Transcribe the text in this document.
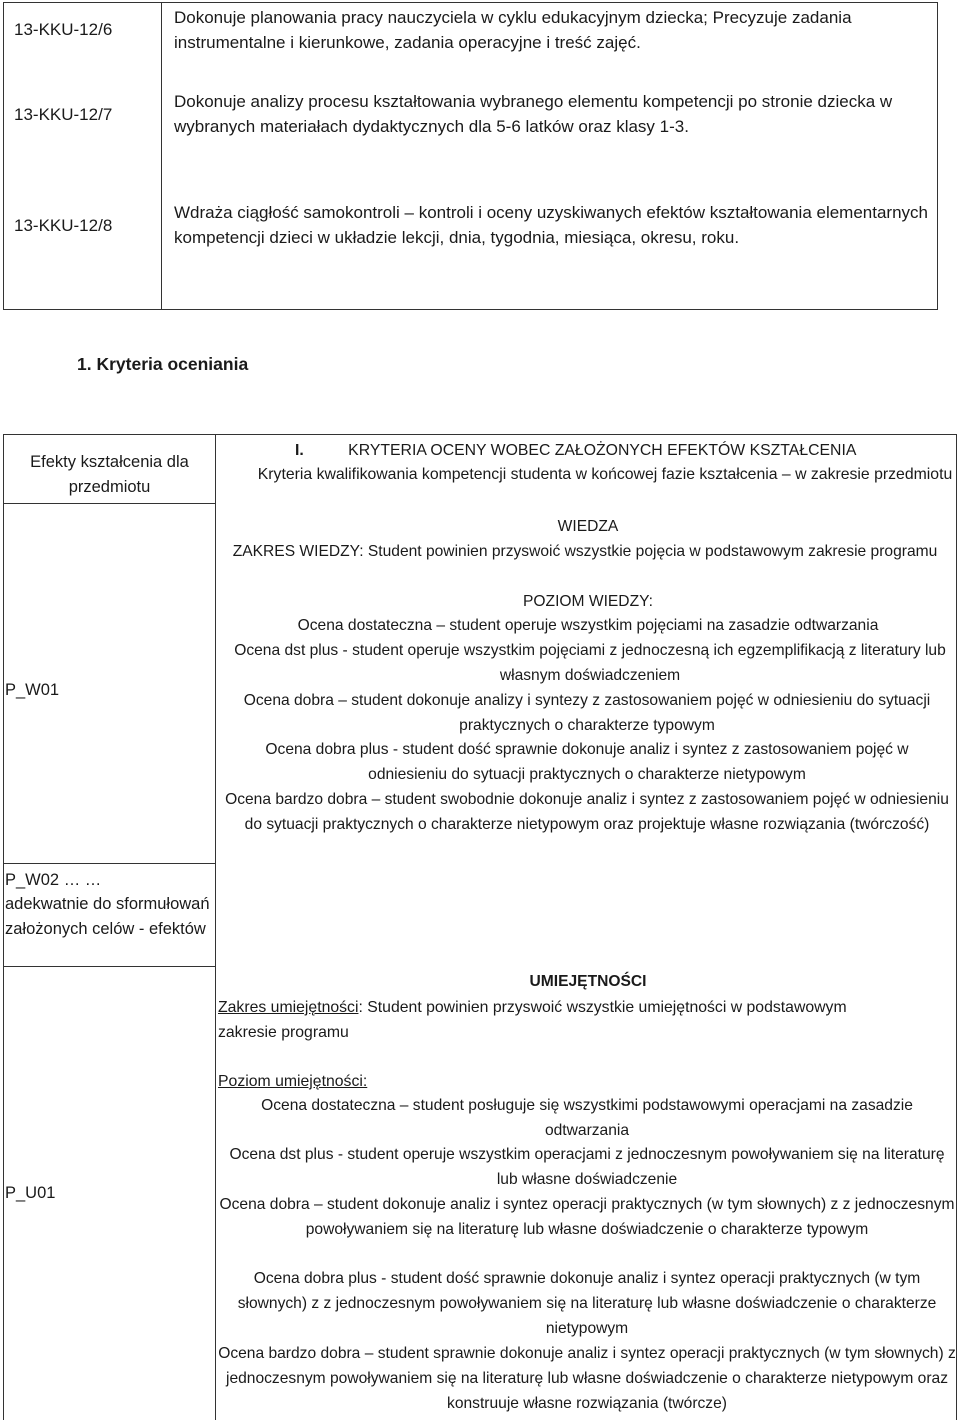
13-KKU-12/6
Dokonuje planowania pracy nauczyciela w cyklu edukacyjnym dziecka; Precyzuje zadania instrumentalne i kierunkowe, zadania operacyjne i treść zajęć.
13-KKU-12/7
Dokonuje analizy procesu kształtowania wybranego elementu kompetencji po stronie dziecka w wybranych materiałach dydaktycznych dla 5-6 latków oraz klasy 1-3.
13-KKU-12/8
Wdraża ciągłość samokontroli – kontroli i oceny uzyskiwanych efektów kształtowania elementarnych kompetencji dzieci w układzie lekcji, dnia, tygodnia, miesiąca, okresu, roku.
1. Kryteria oceniania
Efekty kształcenia dla przedmiotu
P_W01
P_W02 … …
adekwatnie do sformułowań założonych celów - efektów
P_U01
I.	KRYTERIA OCENY WOBEC ZAŁOŻONYCH EFEKTÓW KSZTAŁCENIA
Kryteria kwalifikowania kompetencji studenta w końcowej fazie kształcenia – w zakresie przedmiotu
WIEDZA
ZAKRES WIEDZY: Student powinien przyswoić wszystkie pojęcia w podstawowym zakresie programu
POZIOM WIEDZY:
Ocena dostateczna – student operuje wszystkim pojęciami na zasadzie odtwarzania
Ocena dst plus - student operuje wszystkim pojęciami z jednoczesną ich egzemplifikacją z literatury lub własnym doświadczeniem
Ocena dobra – student dokonuje analizy i syntezy z zastosowaniem pojęć w odniesieniu do sytuacji praktycznych o charakterze typowym
Ocena dobra plus - student dość sprawnie dokonuje analiz i syntez z zastosowaniem pojęć w odniesieniu do sytuacji praktycznych o charakterze nietypowym
Ocena bardzo dobra – student swobodnie dokonuje analiz i syntez z zastosowaniem pojęć w odniesieniu do sytuacji praktycznych o charakterze nietypowym oraz projektuje własne rozwiązania (twórczość)
UMIEJĘTNOŚCI
Zakres umiejętności: Student powinien przyswoić wszystkie umiejętności w podstawowym zakresie programu
Poziom umiejętności:
Ocena dostateczna – student posługuje się wszystkimi podstawowymi operacjami na zasadzie odtwarzania
Ocena dst plus - student operuje wszystkim operacjami z jednoczesnym powoływaniem się na literaturę lub własne doświadczenie
Ocena dobra – student dokonuje analiz i syntez operacji praktycznych (w tym słownych) z z jednoczesnym powoływaniem się na literaturę lub własne doświadczenie o charakterze typowym
Ocena dobra plus - student dość sprawnie dokonuje analiz i syntez operacji praktycznych (w tym słownych) z z jednoczesnym powoływaniem się na literaturę lub własne doświadczenie o charakterze nietypowym
Ocena bardzo dobra – student sprawnie dokonuje analiz i syntez operacji praktycznych (w tym słownych) z jednoczesnym powoływaniem się na literaturę lub własne doświadczenie o charakterze nietypowym oraz konstruuje własne rozwiązania (twórcze)
